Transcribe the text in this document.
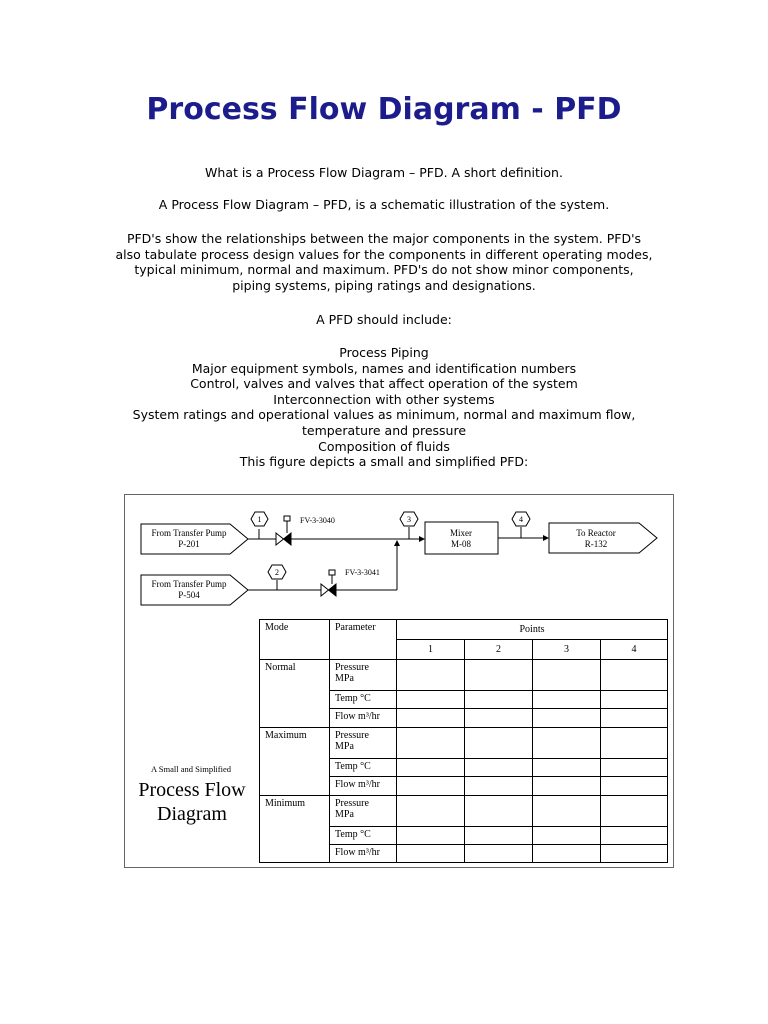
Process Flow Diagram - PFD

What is a Process Flow Diagram – PFD. A short definition.

A Process Flow Diagram – PFD, is a schematic illustration of the system.

PFD's show the relationships between the major components in the system. PFD's
also tabulate process design values for the components in different operating modes,
typical minimum, normal and maximum. PFD's do not show minor components,
piping systems, piping ratings and designations.

A PFD should include:

Process Piping
Major equipment symbols, names and identification numbers
Control, valves and valves that affect operation of the system
Interconnection with other systems
System ratings and operational values as minimum, normal and maximum flow,
temperature and pressure
Composition of fluids
This figure depicts a small and simplified PFD:
From Transfer Pump
P-201
From Transfer Pump
P-504
1	FV-3-3040
2	FV-3-3041
3
Mixer
M-08
4
To Reactor
R-132
Mode	Parameter	Points			
		1	2	3	4
Normal	Pressure
MPa				
	Temp °C				
	Flow m³/hr				
Maximum	Pressure
MPa				
	Temp °C				
	Flow m³/hr				
Minimum	Pressure
MPa				
	Temp °C				
	Flow m³/hr				

A Small and Simplified

Process Flow
Diagram
